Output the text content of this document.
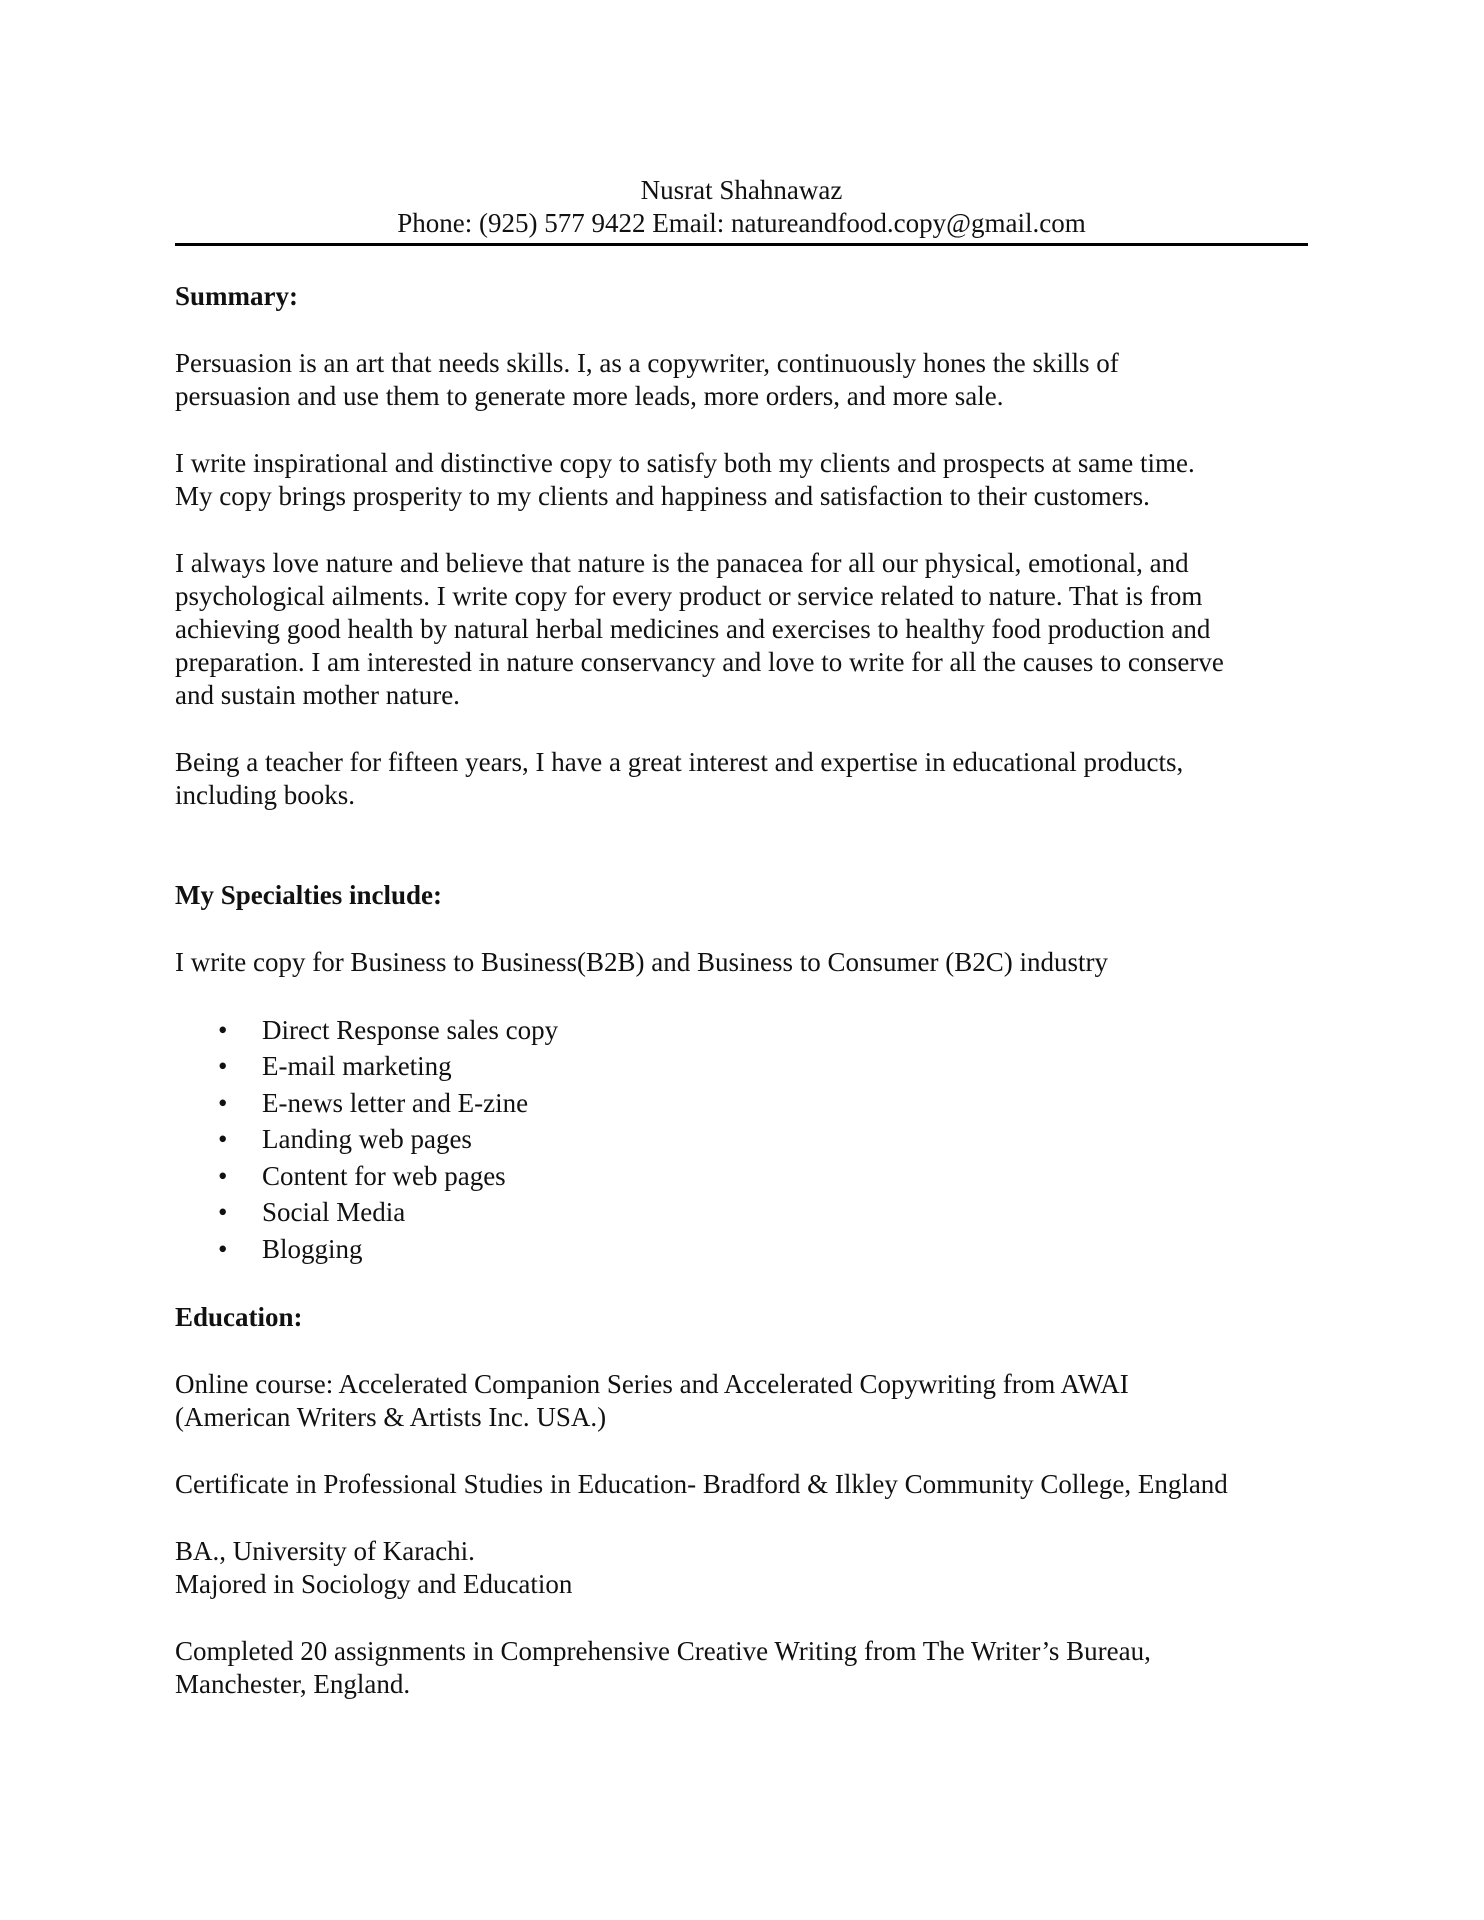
Nusrat Shahnawaz
Phone: (925) 577 9422 Email: natureandfood.copy@gmail.com
Summary:
Persuasion is an art that needs skills. I, as a copywriter, continuously hones the skills of
persuasion and use them to generate more leads, more orders, and more sale.
I write inspirational and distinctive copy to satisfy both my clients and prospects at same time.
My copy brings prosperity to my clients and happiness and satisfaction to their customers.
I always love nature and believe that nature is the panacea for all our physical, emotional, and
psychological ailments. I write copy for every product or service related to nature. That is from
achieving good health by natural herbal medicines and exercises to healthy food production and
preparation. I am interested in nature conservancy and love to write for all the causes to conserve
and sustain mother nature.
Being a teacher for fifteen years, I have a great interest and expertise in educational products,
including books.
My Specialties include:
I write copy for Business to Business(B2B) and Business to Consumer (B2C) industry
• Direct Response sales copy
• E-mail marketing
• E-news letter and E-zine
• Landing web pages
• Content for web pages
• Social Media
• Blogging
Education:
Online course: Accelerated Companion Series and Accelerated Copywriting from AWAI
(American Writers & Artists Inc. USA.)
Certificate in Professional Studies in Education- Bradford & Ilkley Community College, England
BA., University of Karachi.
Majored in Sociology and Education
Completed 20 assignments in Comprehensive Creative Writing from The Writer’s Bureau,
Manchester, England.
